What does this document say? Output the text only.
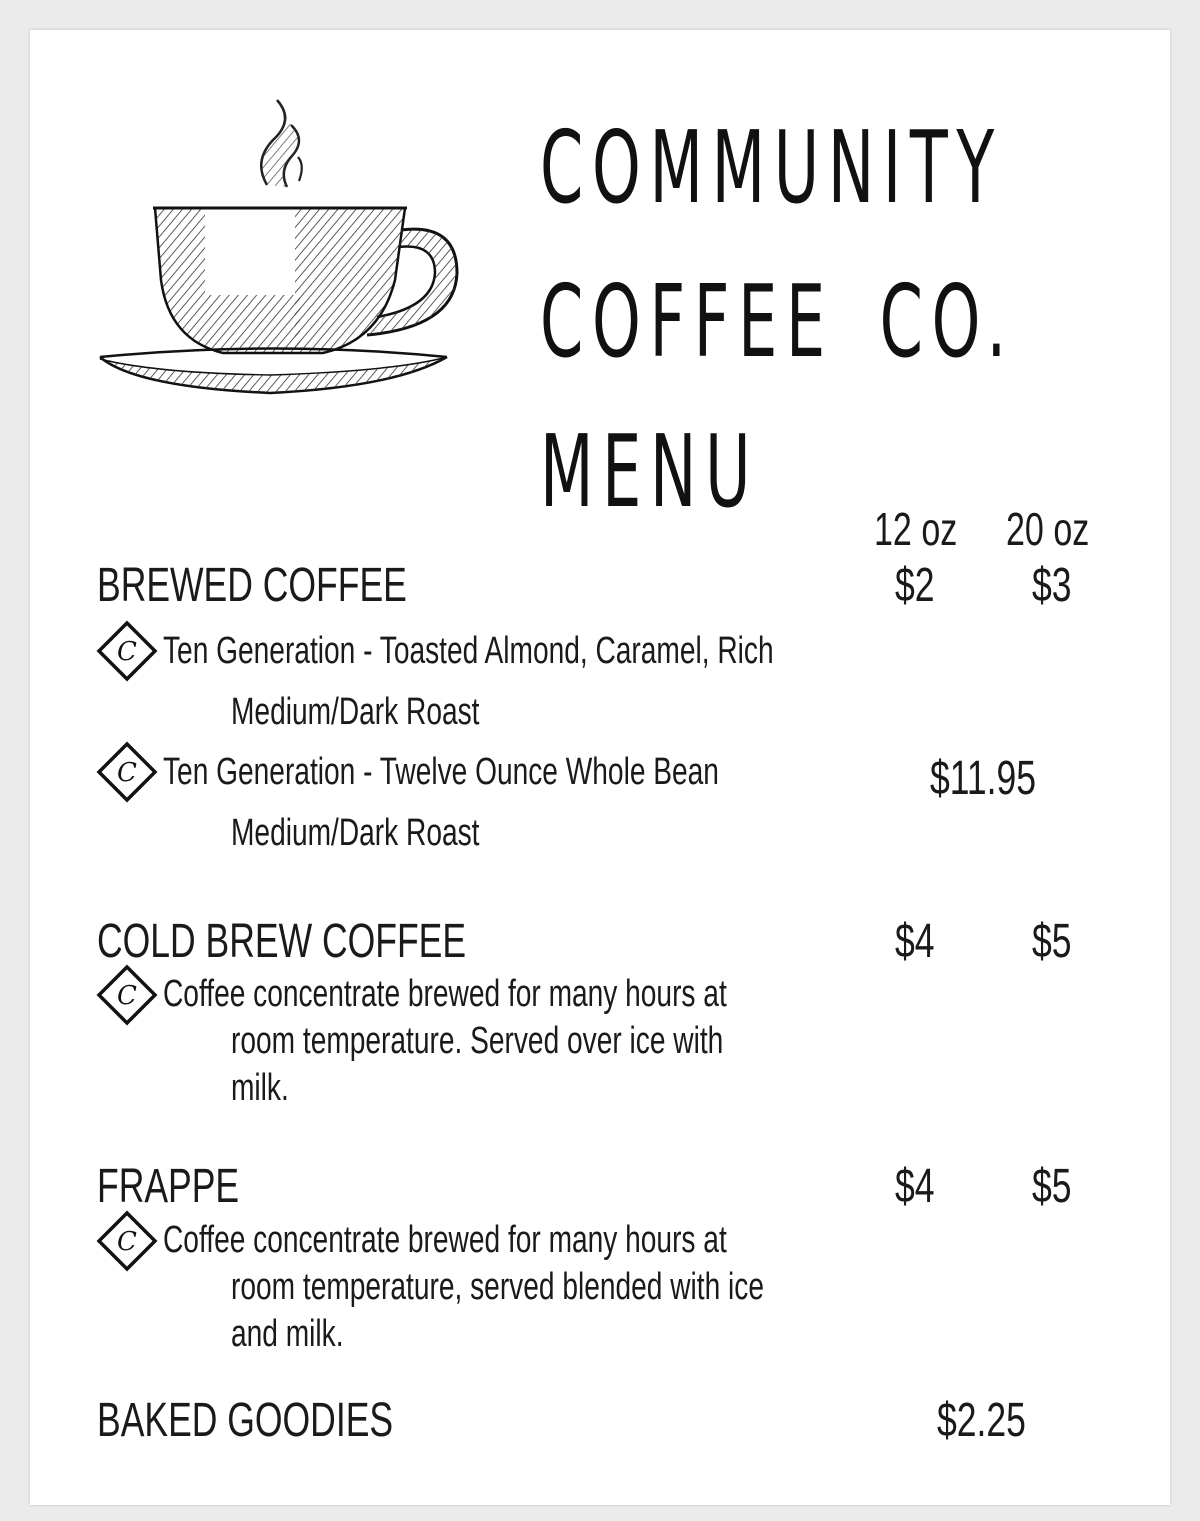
COMMUNITY
COFFEE CO.
MENU 12 oz 20 oz
BREWED COFFEE	$2 $3
C Ten Generation - Toasted Almond, Caramel, Rich
Medium/Dark Roast
C Ten Generation - Twelve Ounce Whole Bean
Medium/Dark Roast
$11.95
COLD BREW COFFEE	$4 $5
C Coffee concentrate brewed for many hours at
room temperature. Served over ice with
milk.
FRAPPE	$4 $5
C Coffee concentrate brewed for many hours at
room temperature, served blended with ice
and milk.
BAKED GOODIES	$2.25
